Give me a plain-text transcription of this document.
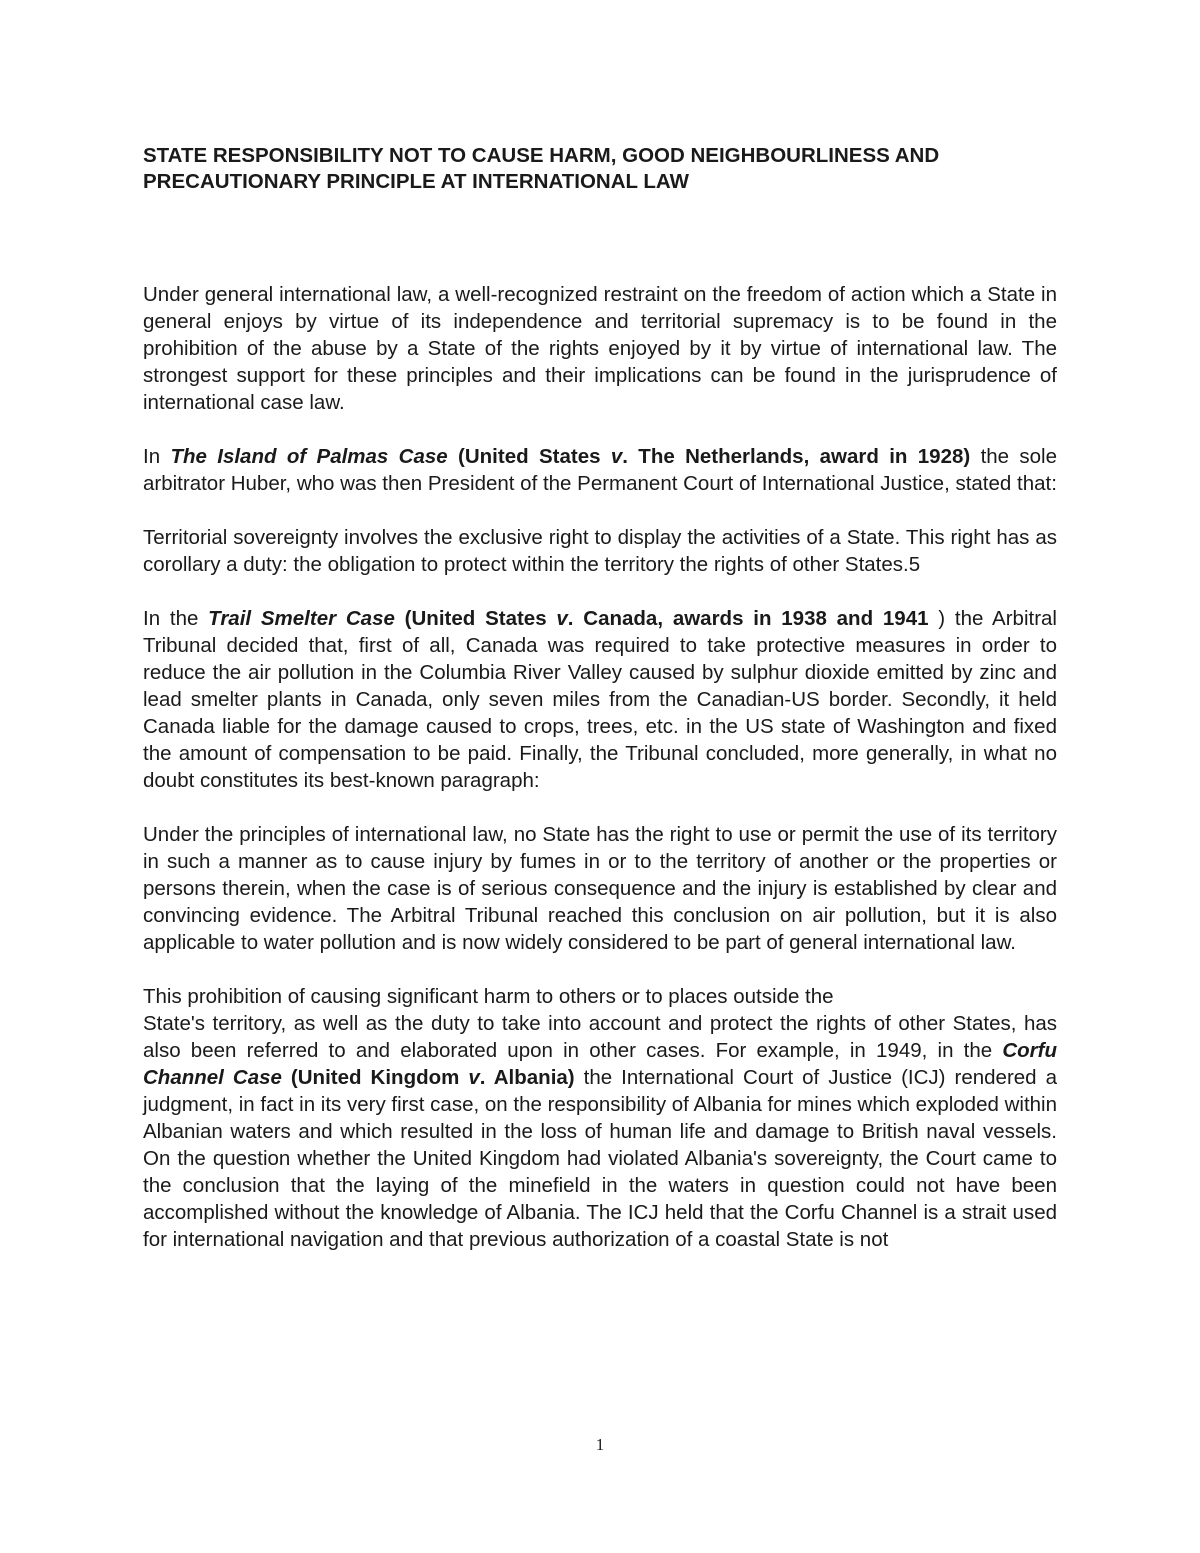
STATE RESPONSIBILITY NOT TO CAUSE HARM, GOOD NEIGHBOURLINESS AND PRECAUTIONARY PRINCIPLE AT INTERNATIONAL LAW

Under general international law, a well-recognized restraint on the freedom of action which a State in general enjoys by virtue of its independence and territorial supremacy is to be found in the prohibition of the abuse by a State of the rights enjoyed by it by virtue of international law. The strongest support for these principles and their implications can be found in the jurisprudence of international case law.

In The Island of Palmas Case (United States v. The Netherlands, award in 1928) the sole arbitrator Huber, who was then President of the Permanent Court of International Justice, stated that:

Territorial sovereignty involves the exclusive right to display the activities of a State. This right has as corollary a duty: the obligation to protect within the territory the rights of other States.5

In the Trail Smelter Case (United States v. Canada, awards in 1938 and 1941 ) the Arbitral Tribunal decided that, first of all, Canada was required to take protective measures in order to reduce the air pollution in the Columbia River Valley caused by sulphur dioxide emitted by zinc and lead smelter plants in Canada, only seven miles from the Canadian-US border. Secondly, it held Canada liable for the damage caused to crops, trees, etc. in the US state of Washington and fixed the amount of compensation to be paid. Finally, the Tribunal concluded, more generally, in what no doubt constitutes its best-known paragraph:

Under the principles of international law, no State has the right to use or permit the use of its territory in such a manner as to cause injury by fumes in or to the territory of another or the properties or persons therein, when the case is of serious consequence and the injury is established by clear and convincing evidence. The Arbitral Tribunal reached this conclusion on air pollution, but it is also applicable to water pollution and is now widely considered to be part of general international law.

This prohibition of causing significant harm to others or to places outside the

State's territory, as well as the duty to take into account and protect the rights of other States, has also been referred to and elaborated upon in other cases. For example, in 1949, in the Corfu Channel Case (United Kingdom v. Albania) the International Court of Justice (ICJ) rendered a judgment, in fact in its very first case, on the responsibility of Albania for mines which exploded within Albanian waters and which resulted in the loss of human life and damage to British naval vessels. On the question whether the United Kingdom had violated Albania's sovereignty, the Court came to the conclusion that the laying of the minefield in the waters in question could not have been accomplished without the knowledge of Albania. The ICJ held that the Corfu Channel is a strait used for international navigation and that previous authorization of a coastal State is not

1
